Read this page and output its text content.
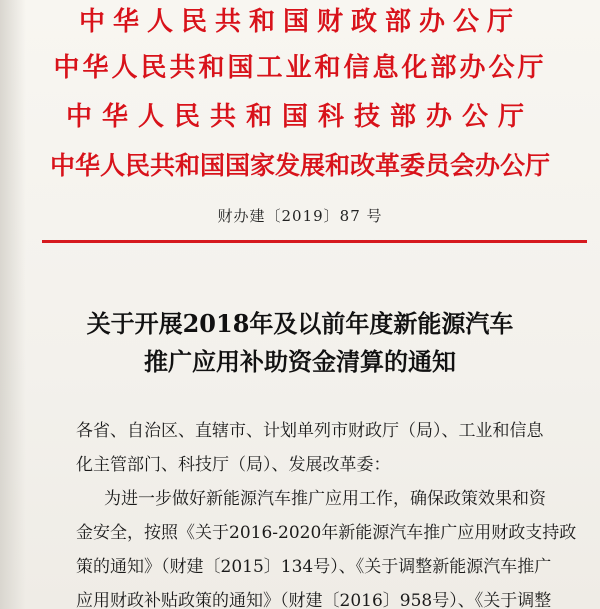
中华人民共和国财政部办公厅
中华人民共和国工业和信息化部办公厅
中华人民共和国科技部办公厅
中华人民共和国国家发展和改革委员会办公厅
财办建〔2019〕87 号
关于开展2018年及以前年度新能源汽车
推广应用补助资金清算的通知
各省、自治区、直辖市、计划单列市财政厅（局）、工业和信息
化主管部门、科技厅（局）、发展改革委：
为进一步做好新能源汽车推广应用工作，确保政策效果和资
金安全，按照《关于2016-2020年新能源汽车推广应用财政支持政
策的通知》（财建〔2015〕134号）、《关于调整新能源汽车推广
应用财政补贴政策的通知》（财建〔2016〕958号）、《关于调整
